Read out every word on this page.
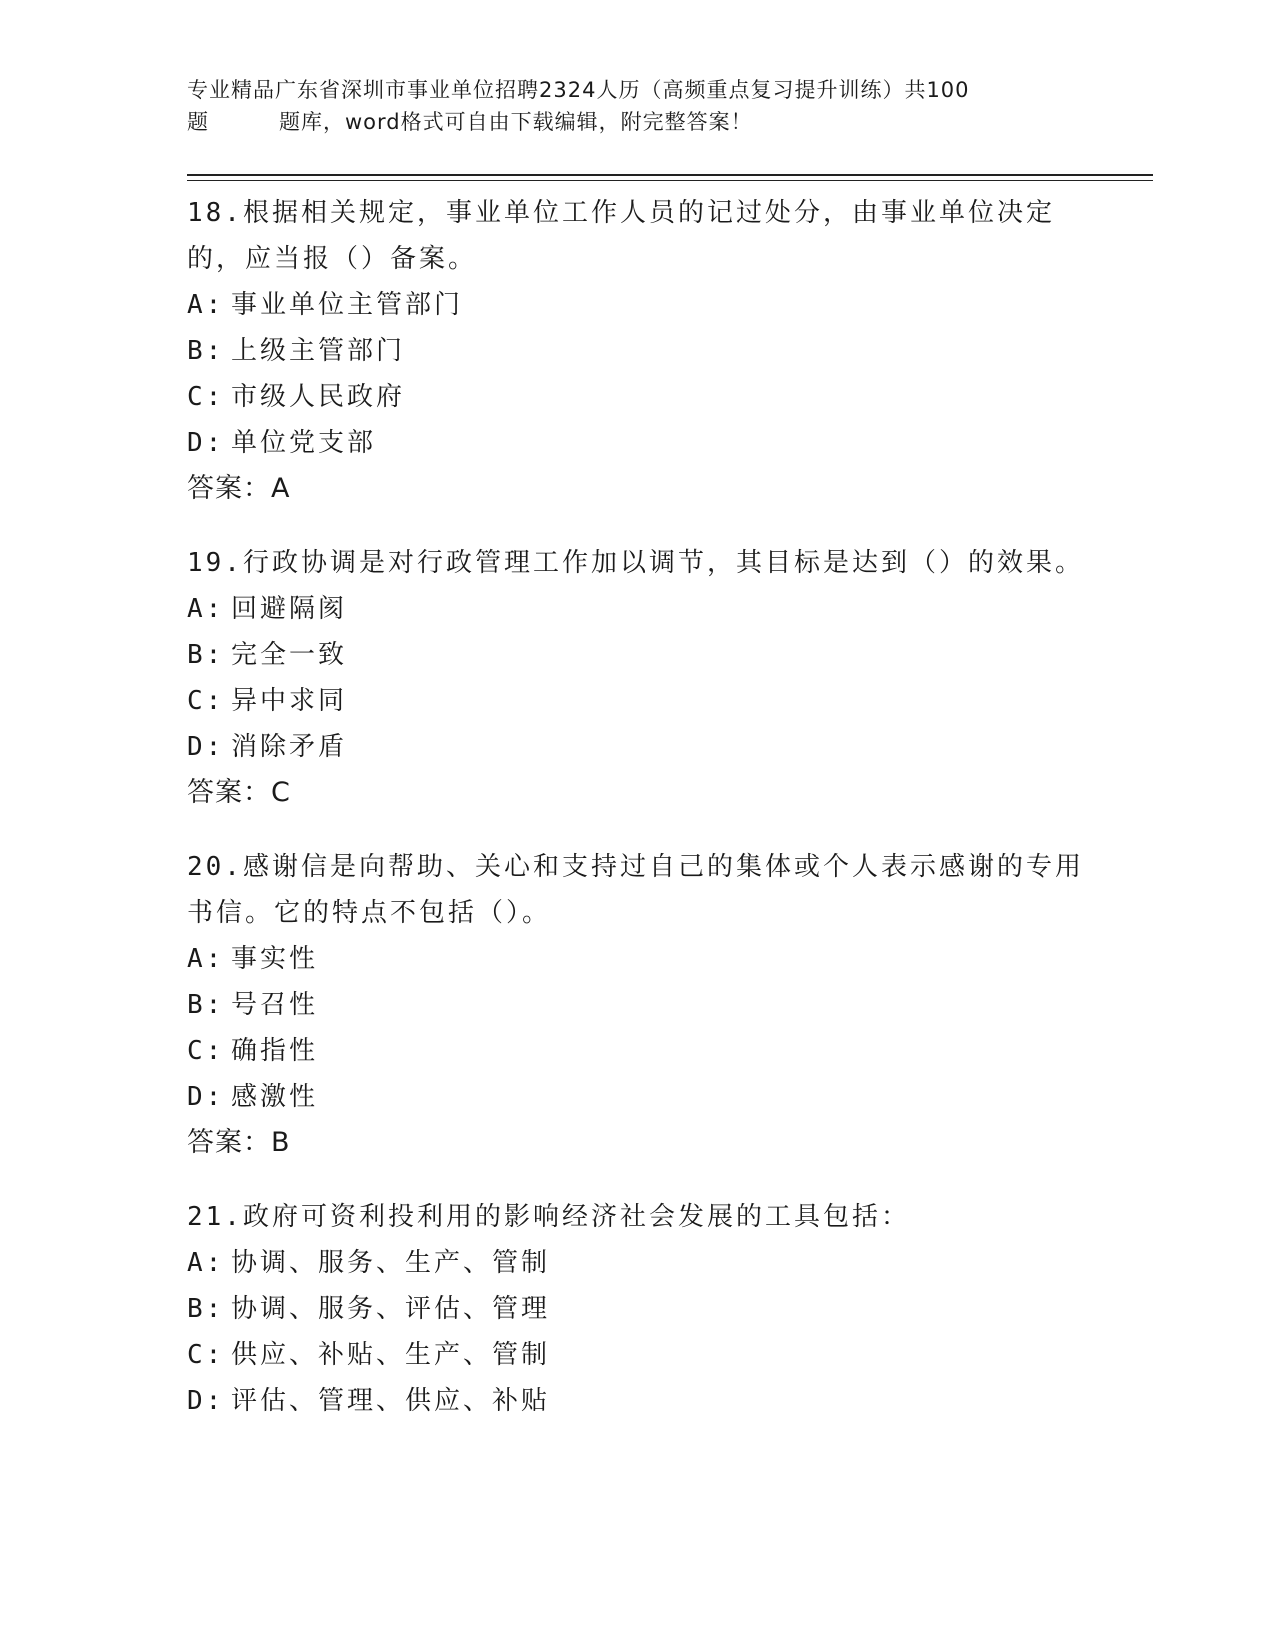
专业精品广东省深圳市事业单位招聘2324人历（高频重点复习提升训练）共100
题	题库，word格式可自由下载编辑，附完整答案！

18.根据相关规定，事业单位工作人员的记过处分，由事业单位决定的，应当报（）备案。

A: 事业单位主管部门
B: 上级主管部门
C: 市级人民政府
D: 单位党支部
答案：A

19.行政协调是对行政管理工作加以调节，其目标是达到（）的效果。

A: 回避隔阂
B: 完全一致
C: 异中求同
D: 消除矛盾
答案：C

20.感谢信是向帮助、关心和支持过自己的集体或个人表示感谢的专用书信。它的特点不包括（）。

A: 事实性
B: 号召性
C: 确指性
D: 感激性
答案：B

21.政府可资利投利用的影响经济社会发展的工具包括：

A: 协调、服务、生产、管制
B: 协调、服务、评估、管理
C: 供应、补贴、生产、管制
D: 评估、管理、供应、补贴
